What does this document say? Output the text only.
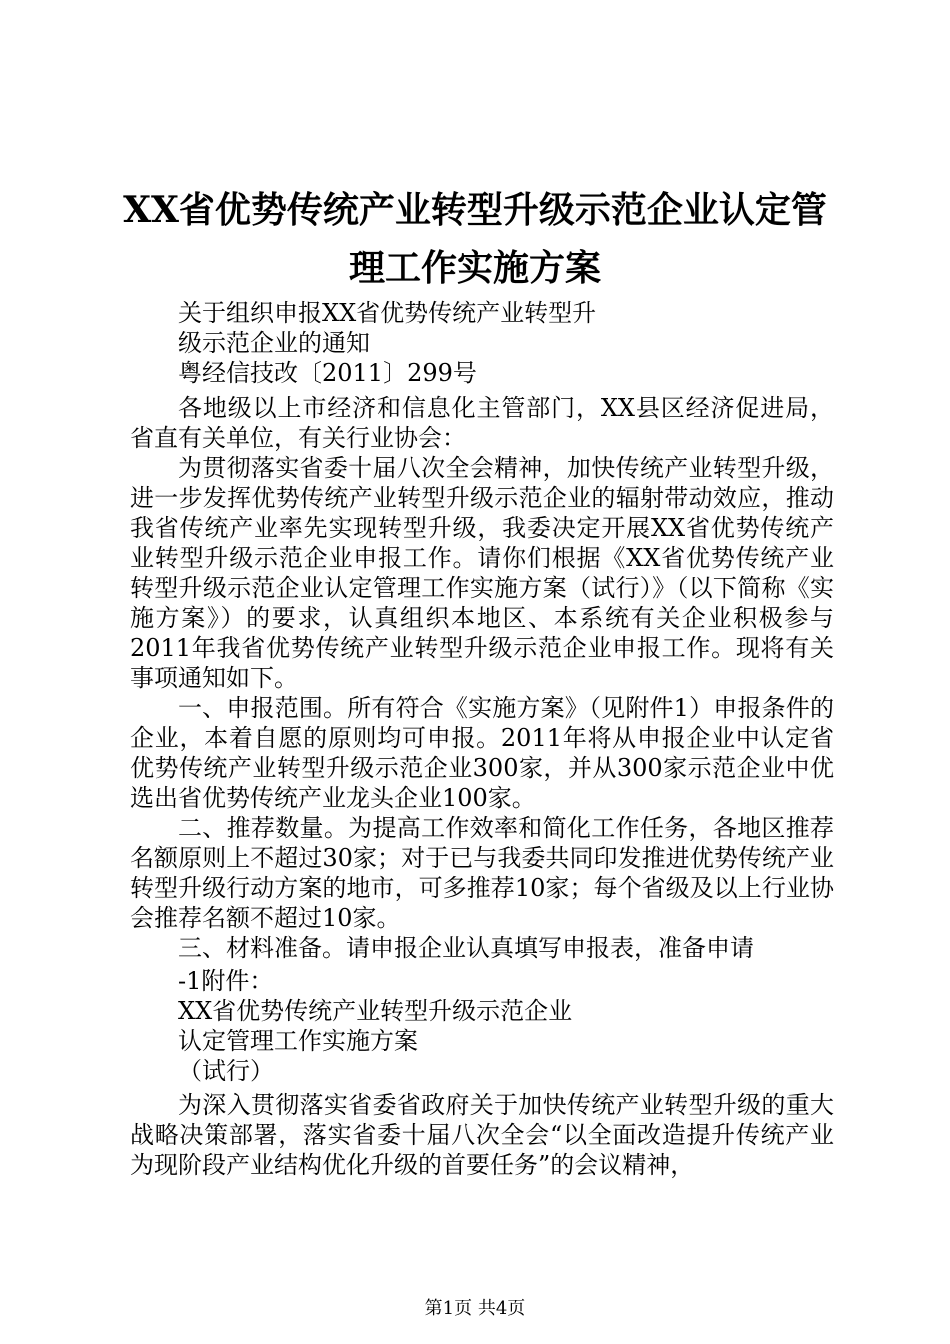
XX省优势传统产业转型升级示范企业认定管
理工作实施方案
关于组织申报XX省优势传统产业转型升
级示范企业的通知
粤经信技改〔2011〕299号
各地级以上市经济和信息化主管部门，XX县区经济促进局，省直有关单位，有关行业协会：
为贯彻落实省委十届八次全会精神，加快传统产业转型升级，进一步发挥优势传统产业转型升级示范企业的辐射带动效应，推动我省传统产业率先实现转型升级，我委决定开展XX省优势传统产业转型升级示范企业申报工作。请你们根据《XX省优势传统产业转型升级示范企业认定管理工作实施方案（试行）》（以下简称《实施方案》）的要求，认真组织本地区、本系统有关企业积极参与2011年我省优势传统产业转型升级示范企业申报工作。现将有关事项通知如下。
一、申报范围。所有符合《实施方案》（见附件1）申报条件的企业，本着自愿的原则均可申报。2011年将从申报企业中认定省优势传统产业转型升级示范企业300家，并从300家示范企业中优选出省优势传统产业龙头企业100家。
二、推荐数量。为提高工作效率和简化工作任务，各地区推荐名额原则上不超过30家；对于已与我委共同印发推进优势传统产业转型升级行动方案的地市，可多推荐10家；每个省级及以上行业协会推荐名额不超过10家。
三、材料准备。请申报企业认真填写申报表，准备申请
-1附件：
XX省优势传统产业转型升级示范企业
认定管理工作实施方案
（试行）
为深入贯彻落实省委省政府关于加快传统产业转型升级的重大战略决策部署，落实省委十届八次全会“以全面改造提升传统产业为现阶段产业结构优化升级的首要任务”的会议精神，
第1页 共4页
